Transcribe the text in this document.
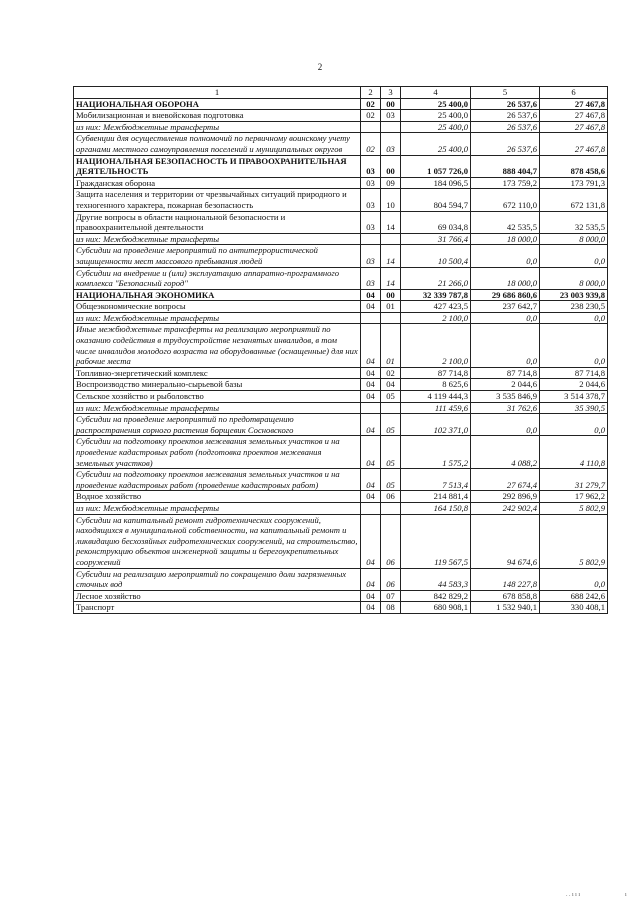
2
1	2	3	4	5	6
НАЦИОНАЛЬНАЯ ОБОРОНА	02	00	25 400,0	26 537,6	27 467,8
Мобилизационная и вневойсковая подготовка	02	03	25 400,0	26 537,6	27 467,8
из них: Межбюджетные трансферты			25 400,0	26 537,6	27 467,8
Субвенции для осуществления полномочий по первичному воинскому учету органами местного самоуправления поселений и муниципальных округов	02	03	25 400,0	26 537,6	27 467,8
НАЦИОНАЛЬНАЯ БЕЗОПАСНОСТЬ И ПРАВООХРАНИТЕЛЬНАЯ ДЕЯТЕЛЬНОСТЬ	03	00	1 057 726,0	888 404,7	878 458,6
Гражданская оборона	03	09	184 096,5	173 759,2	173 791,3
Защита населения и территории от чрезвычайных ситуаций природного и техногенного характера, пожарная безопасность	03	10	804 594,7	672 110,0	672 131,8
Другие вопросы в области национальной безопасности и правоохранительной деятельности	03	14	69 034,8	42 535,5	32 535,5
из них: Межбюджетные трансферты			31 766,4	18 000,0	8 000,0
Субсидии на проведение мероприятий по антитеррористической защищенности мест массового пребывания людей	03	14	10 500,4	0,0	0,0
Субсидии на внедрение и (или) эксплуатацию аппаратно-программного комплекса "Безопасный город"	03	14	21 266,0	18 000,0	8 000,0
НАЦИОНАЛЬНАЯ ЭКОНОМИКА	04	00	32 339 787,8	29 686 860,6	23 003 939,8
Общеэкономические вопросы	04	01	427 423,5	237 642,7	238 230,5
из них: Межбюджетные трансферты			2 100,0	0,0	0,0
Иные межбюджетные трансферты на реализацию мероприятий по оказанию содействия в трудоустройстве незанятых инвалидов, в том числе инвалидов молодого возраста на оборудованные (оснащенные) для них рабочие места	04	01	2 100,0	0,0	0,0
Топливно-энергетический комплекс	04	02	87 714,8	87 714,8	87 714,8
Воспроизводство минерально-сырьевой базы	04	04	8 625,6	2 044,6	2 044,6
Сельское хозяйство и рыболовство	04	05	4 119 444,3	3 535 846,9	3 514 378,7
из них: Межбюджетные трансферты			111 459,6	31 762,6	35 390,5
Субсидии на проведение мероприятий по предотвращению распространения сорного растения борщевик Сосновского	04	05	102 371,0	0,0	0,0
Субсидии на подготовку проектов межевания земельных участков и на проведение кадастровых работ (подготовка проектов межевания земельных участков)	04	05	1 575,2	4 088,2	4 110,8
Субсидии на подготовку проектов межевания земельных участков и на проведение кадастровых работ (проведение кадастровых работ)	04	05	7 513,4	27 674,4	31 279,7
Водное хозяйство	04	06	214 881,4	292 896,9	17 962,2
из них: Межбюджетные трансферты			164 150,8	242 902,4	5 802,9
Субсидии на капитальный ремонт гидротехнических сооружений, находящихся в муниципальной собственности, на капитальный ремонт и ликвидацию бесхозяйных гидротехнических сооружений, на строительство, реконструкцию объектов инженерной защиты и берегоукрепительных сооружений	04	06	119 567,5	94 674,6	5 802,9
Субсидии на реализацию мероприятий по сокращению доли загрязненных сточных вод	04	06	44 583,3	148 227,8	0,0
Лесное хозяйство	04	07	842 829,2	678 858,8	688 242,6
Транспорт	04	08	680 908,1	1 532 940,1	330 408,1
. . ı ı ı	ı
